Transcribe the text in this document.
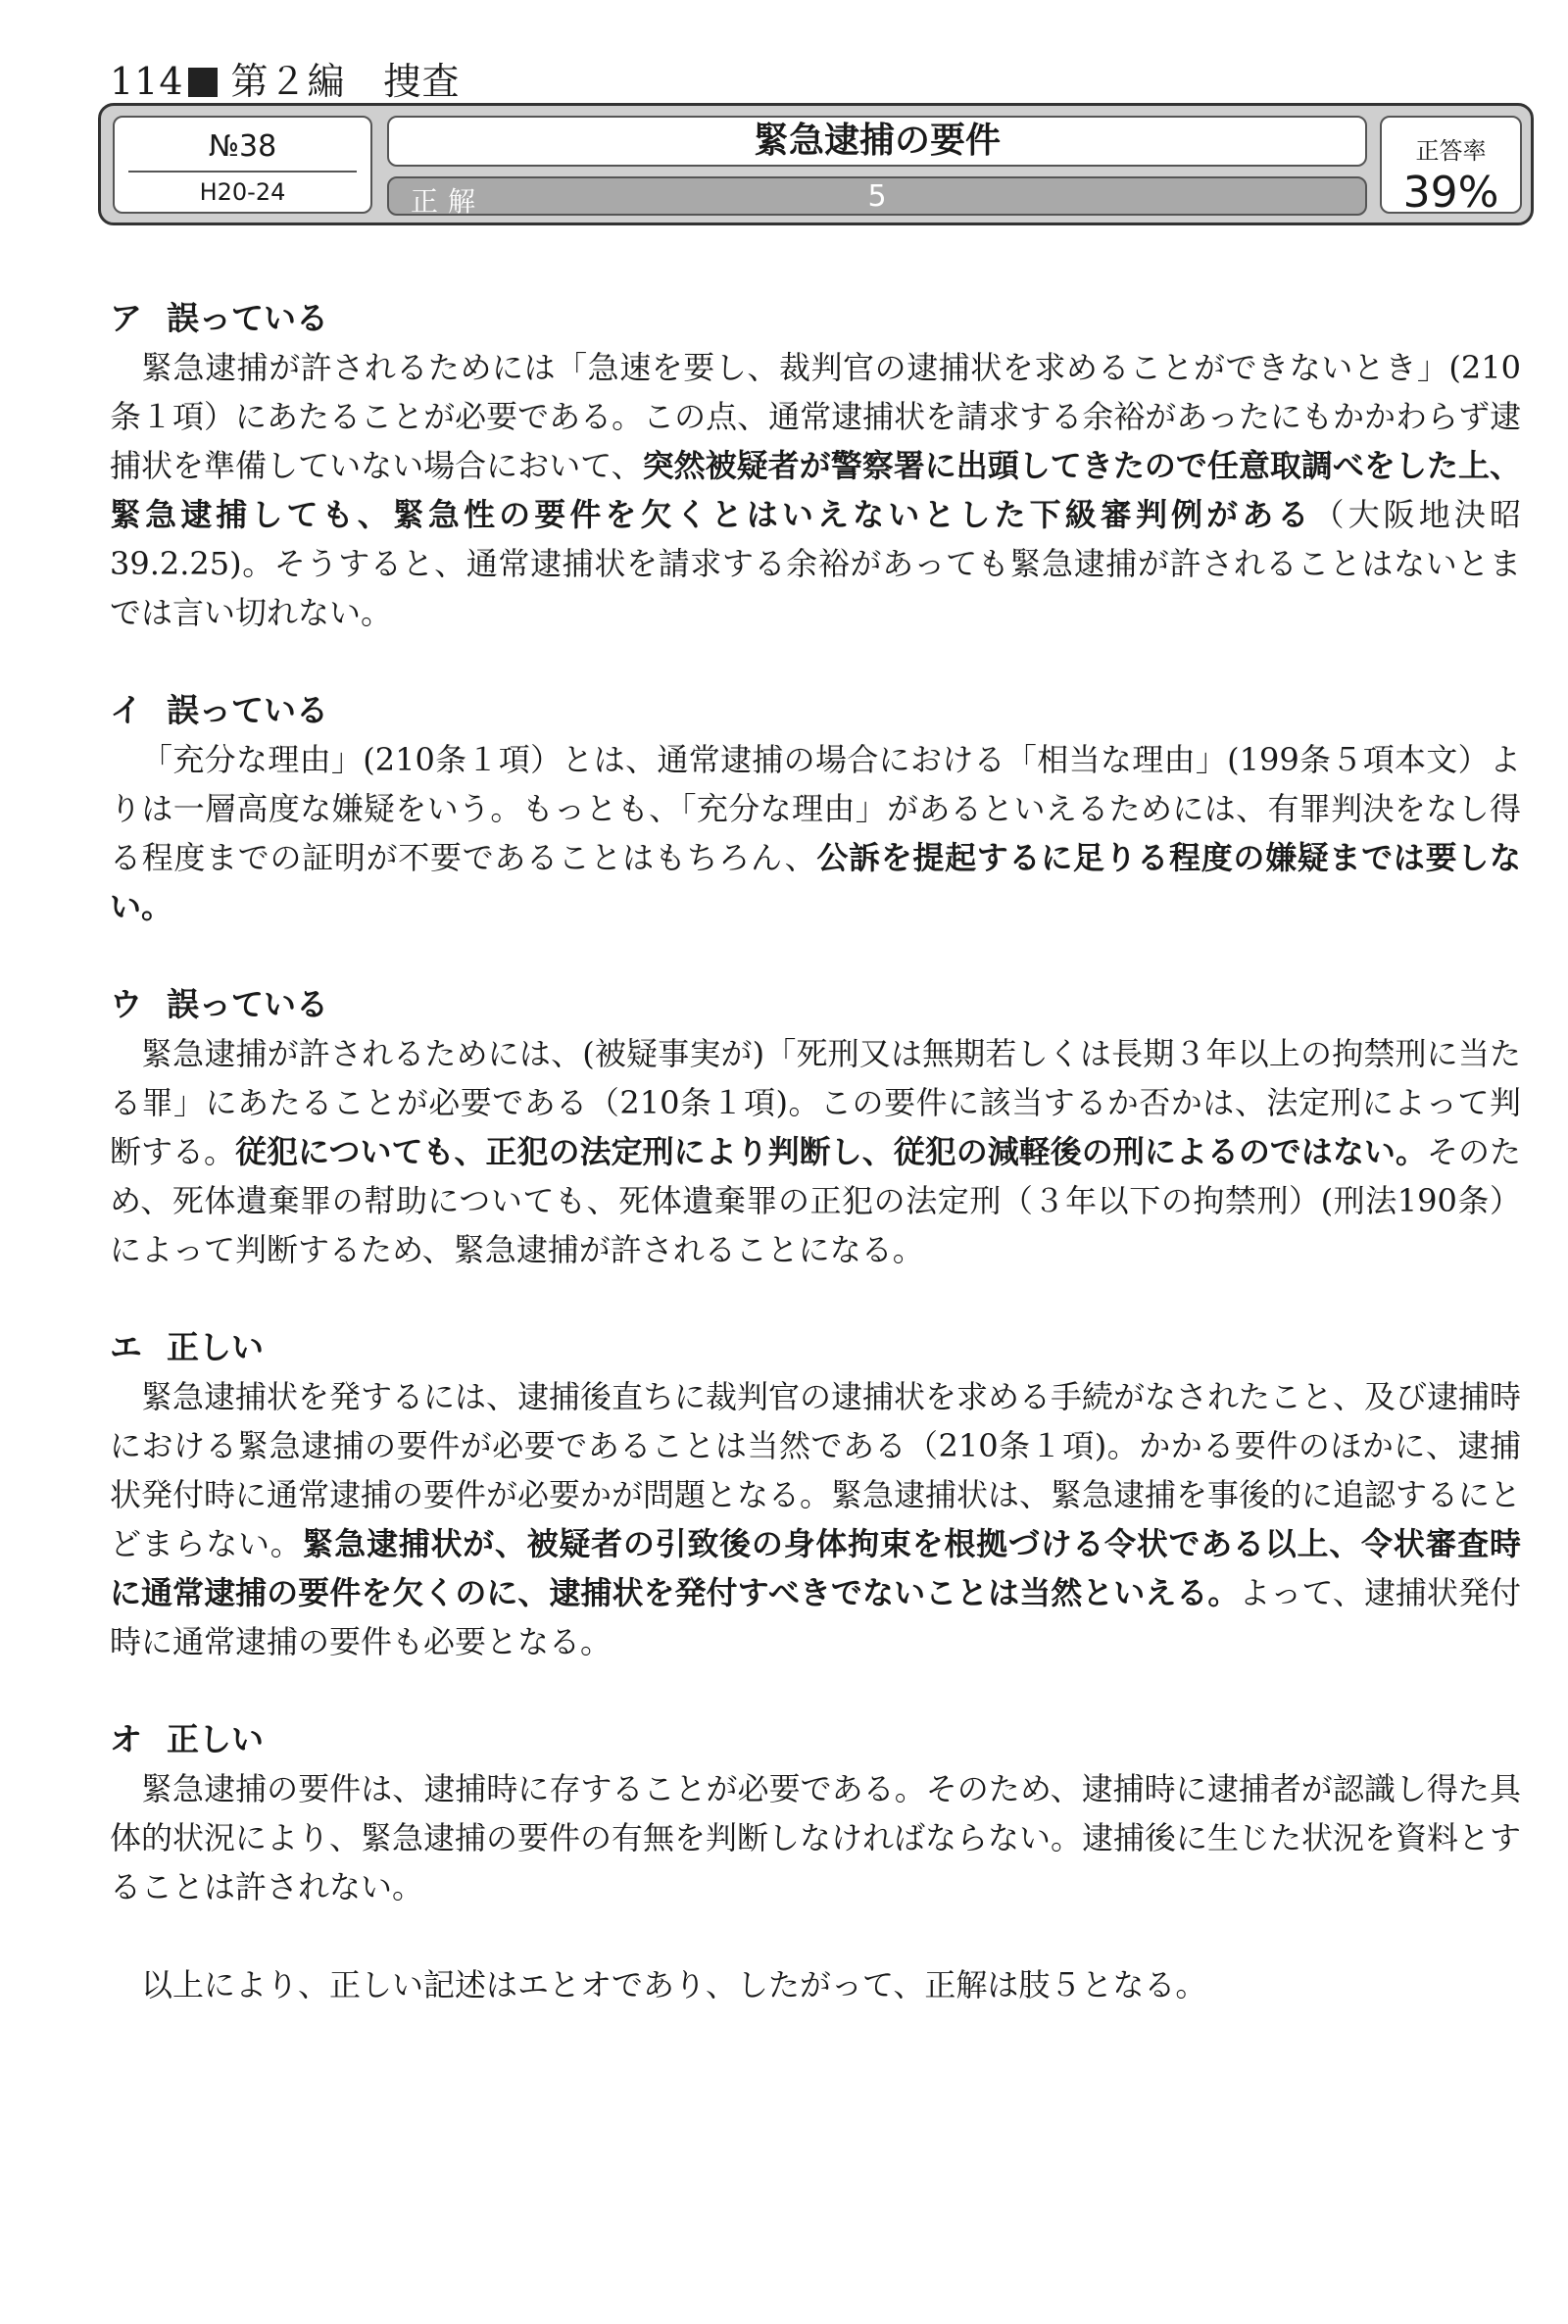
114 第２編　捜査
№38
H20-24
緊急逮捕の要件
正解	5
正答率
39%
ア 誤っている

緊急逮捕が許されるためには「急速を要し、裁判官の逮捕状を求めることができないとき」(210条１項）にあたることが必要である。この点、通常逮捕状を請求する余裕があったにもかかわらず逮捕状を準備していない場合において、突然被疑者が警察署に出頭してきたので任意取調べをした上、緊急逮捕しても、緊急性の要件を欠くとはいえないとした下級審判例がある（大阪地決昭39.2.25)。そうすると、通常逮捕状を請求する余裕があっても緊急逮捕が許されることはないとまでは言い切れない。

イ 誤っている

「充分な理由」(210条１項）とは、通常逮捕の場合における「相当な理由」(199条５項本文）よりは一層高度な嫌疑をいう。もっとも、「充分な理由」があるといえるためには、有罪判決をなし得る程度までの証明が不要であることはもちろん、公訴を提起するに足りる程度の嫌疑までは要しない。

ウ 誤っている

緊急逮捕が許されるためには、(被疑事実が)「死刑又は無期若しくは長期３年以上の拘禁刑に当たる罪」にあたることが必要である（210条１項)。この要件に該当するか否かは、法定刑によって判断する。従犯についても、正犯の法定刑により判断し、従犯の減軽後の刑によるのではない。そのため、死体遺棄罪の幇助についても、死体遺棄罪の正犯の法定刑（３年以下の拘禁刑）(刑法190条）によって判断するため、緊急逮捕が許されることになる。

エ 正しい

緊急逮捕状を発するには、逮捕後直ちに裁判官の逮捕状を求める手続がなされたこと、及び逮捕時における緊急逮捕の要件が必要であることは当然である（210条１項)。かかる要件のほかに、逮捕状発付時に通常逮捕の要件が必要かが問題となる。緊急逮捕状は、緊急逮捕を事後的に追認するにとどまらない。緊急逮捕状が、被疑者の引致後の身体拘束を根拠づける令状である以上、令状審査時に通常逮捕の要件を欠くのに、逮捕状を発付すべきでないことは当然といえる。よって、逮捕状発付時に通常逮捕の要件も必要となる。

オ 正しい

緊急逮捕の要件は、逮捕時に存することが必要である。そのため、逮捕時に逮捕者が認識し得た具体的状況により、緊急逮捕の要件の有無を判断しなければならない。逮捕後に生じた状況を資料とすることは許されない。

以上により、正しい記述はエとオであり、したがって、正解は肢５となる。
